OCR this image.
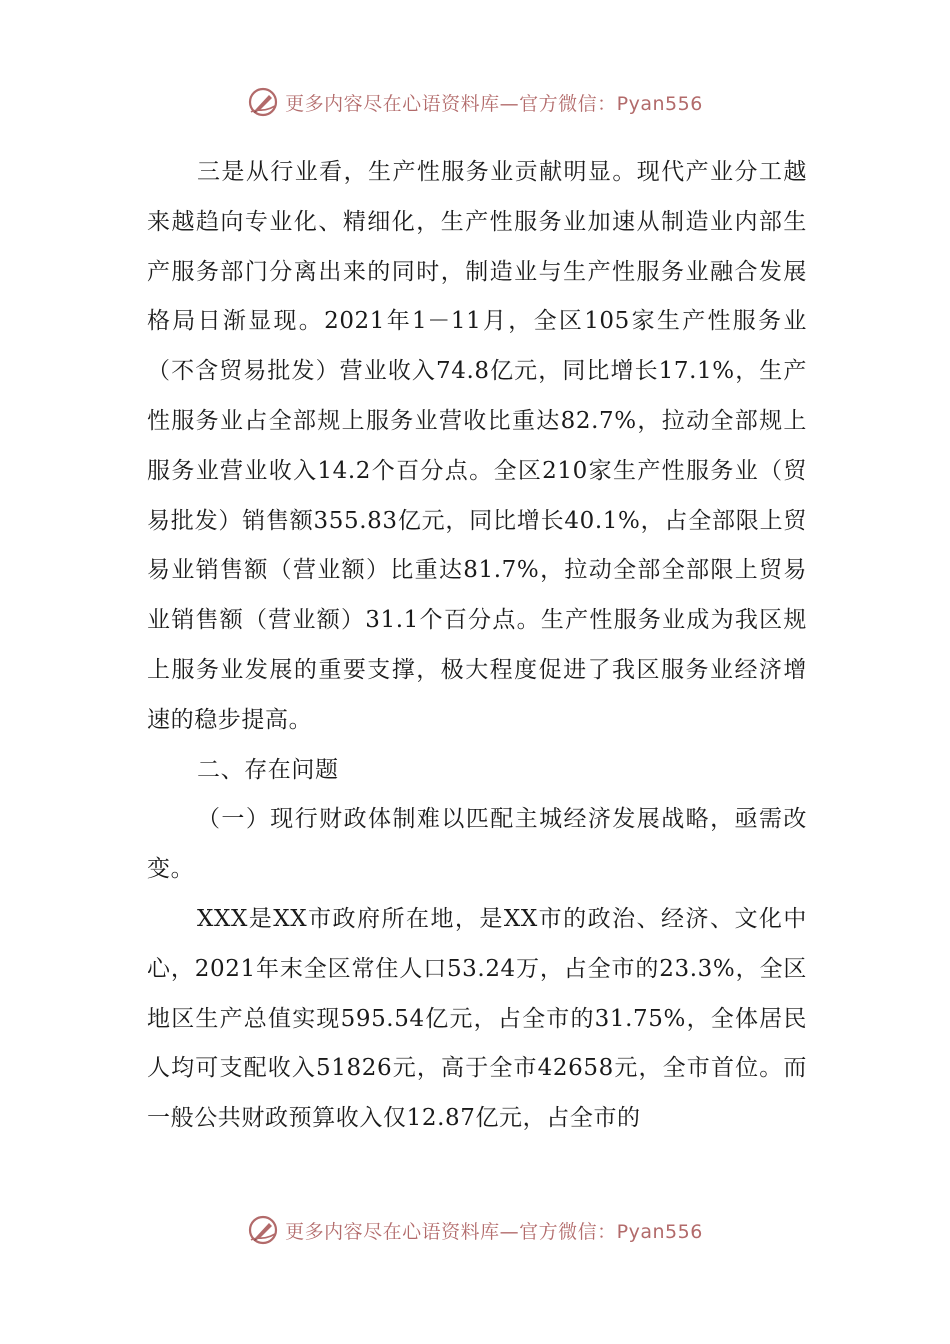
更多内容尽在心语资料库—官方微信：Pyan556

三是从行业看，生产性服务业贡献明显。现代产业分工越来越趋向专业化、精细化，生产性服务业加速从制造业内部生产服务部门分离出来的同时，制造业与生产性服务业融合发展格局日渐显现。2021年1－11月，全区105家生产性服务业（不含贸易批发）营业收入74.8亿元，同比增长17.1%，生产性服务业占全部规上服务业营收比重达82.7%，拉动全部规上服务业营业收入14.2个百分点。全区210家生产性服务业（贸易批发）销售额355.83亿元，同比增长40.1%，占全部限上贸易业销售额（营业额）比重达81.7%，拉动全部全部限上贸易业销售额（营业额）31.1个百分点。生产性服务业成为我区规上服务业发展的重要支撑，极大程度促进了我区服务业经济增速的稳步提高。

二、存在问题

（一）现行财政体制难以匹配主城经济发展战略，亟需改变。

XXX是XX市政府所在地，是XX市的政治、经济、文化中心，2021年末全区常住人口53.24万，占全市的23.3%，全区地区生产总值实现595.54亿元，占全市的31.75%，全体居民人均可支配收入51826元，高于全市42658元，全市首位。而一般公共财政预算收入仅12.87亿元，占全市的

更多内容尽在心语资料库—官方微信：Pyan556
